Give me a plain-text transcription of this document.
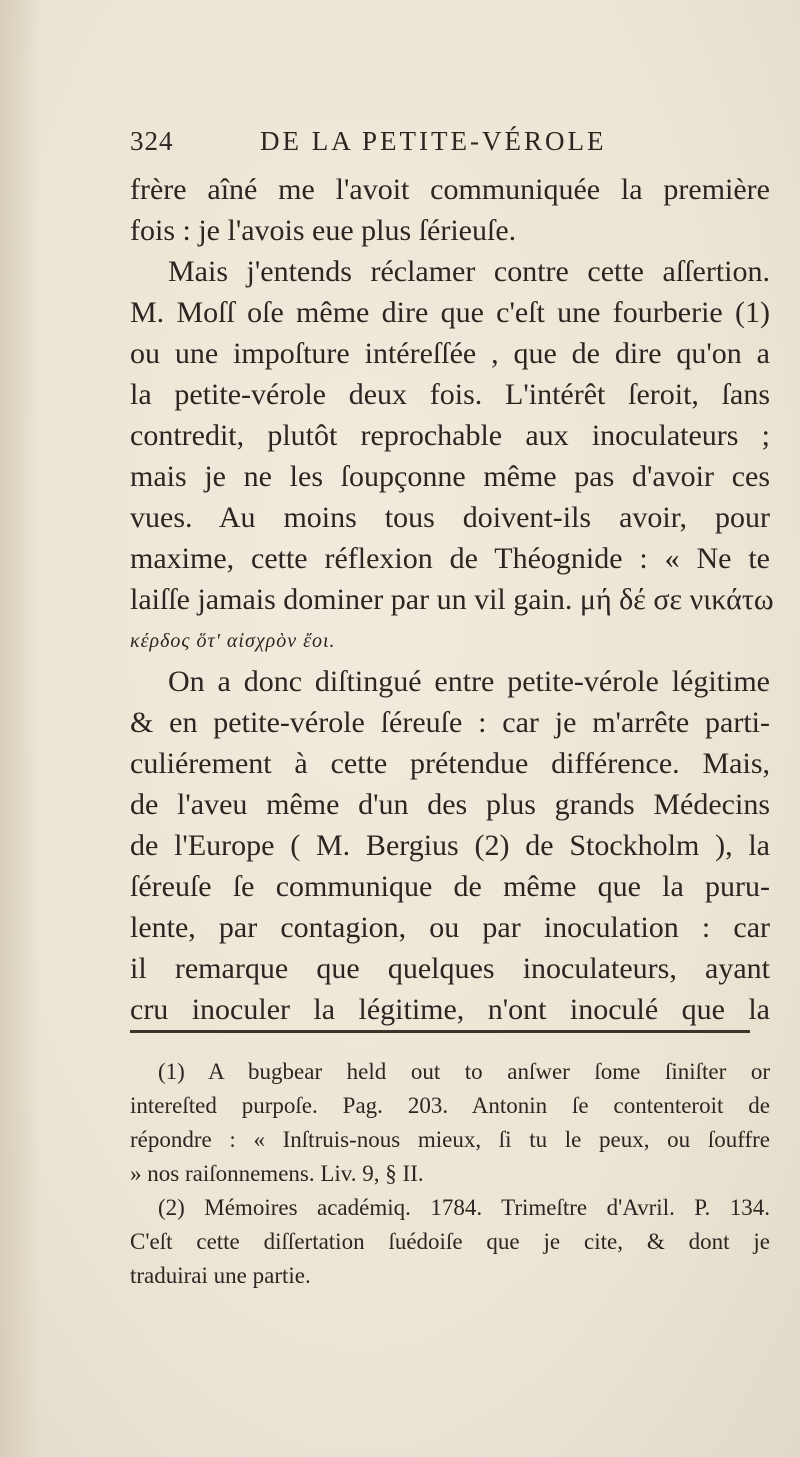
324	DE LA PETITE-VÉROLE
frère aîné me l'avoit communiquée la première
fois : je l'avois eue plus ſérieuſe.
Mais j'entends réclamer contre cette aſſertion.
M. Moſſ oſe même dire que c'eſt une fourberie (1)
ou une impoſture intéreſſée , que de dire qu'on a
la petite-vérole deux fois. L'intérêt ſeroit, ſans
contredit, plutôt reprochable aux inoculateurs ;
mais je ne les ſoupçonne même pas d'avoir ces
vues. Au moins tous doivent-ils avoir, pour
maxime, cette réflexion de Théognide : « Ne te
laiſſe jamais dominer par un vil gain. μή δέ σε νικάτω
κέρδος ὅτ' αἰσχρὸν ἔοι.
On a donc diſtingué entre petite-vérole légitime
& en petite-vérole ſéreuſe : car je m'arrête parti-
culiérement à cette prétendue différence. Mais,
de l'aveu même d'un des plus grands Médecins
de l'Europe ( M. Bergius (2) de Stockholm ), la
ſéreuſe ſe communique de même que la puru-
lente, par contagion, ou par inoculation : car
il remarque que quelques inoculateurs, ayant
cru inoculer la légitime, n'ont inoculé que la
(1) A bugbear held out to anſwer ſome ſiniſter or
intereſted purpoſe. Pag. 203. Antonin ſe contenteroit de
répondre : « Inſtruis-nous mieux, ſi tu le peux, ou ſouffre
» nos raiſonnemens. Liv. 9, § II.
(2) Mémoires académiq. 1784. Trimeſtre d'Avril. P. 134.
C'eſt cette diſſertation ſuédoiſe que je cite, & dont je
traduirai une partie.
